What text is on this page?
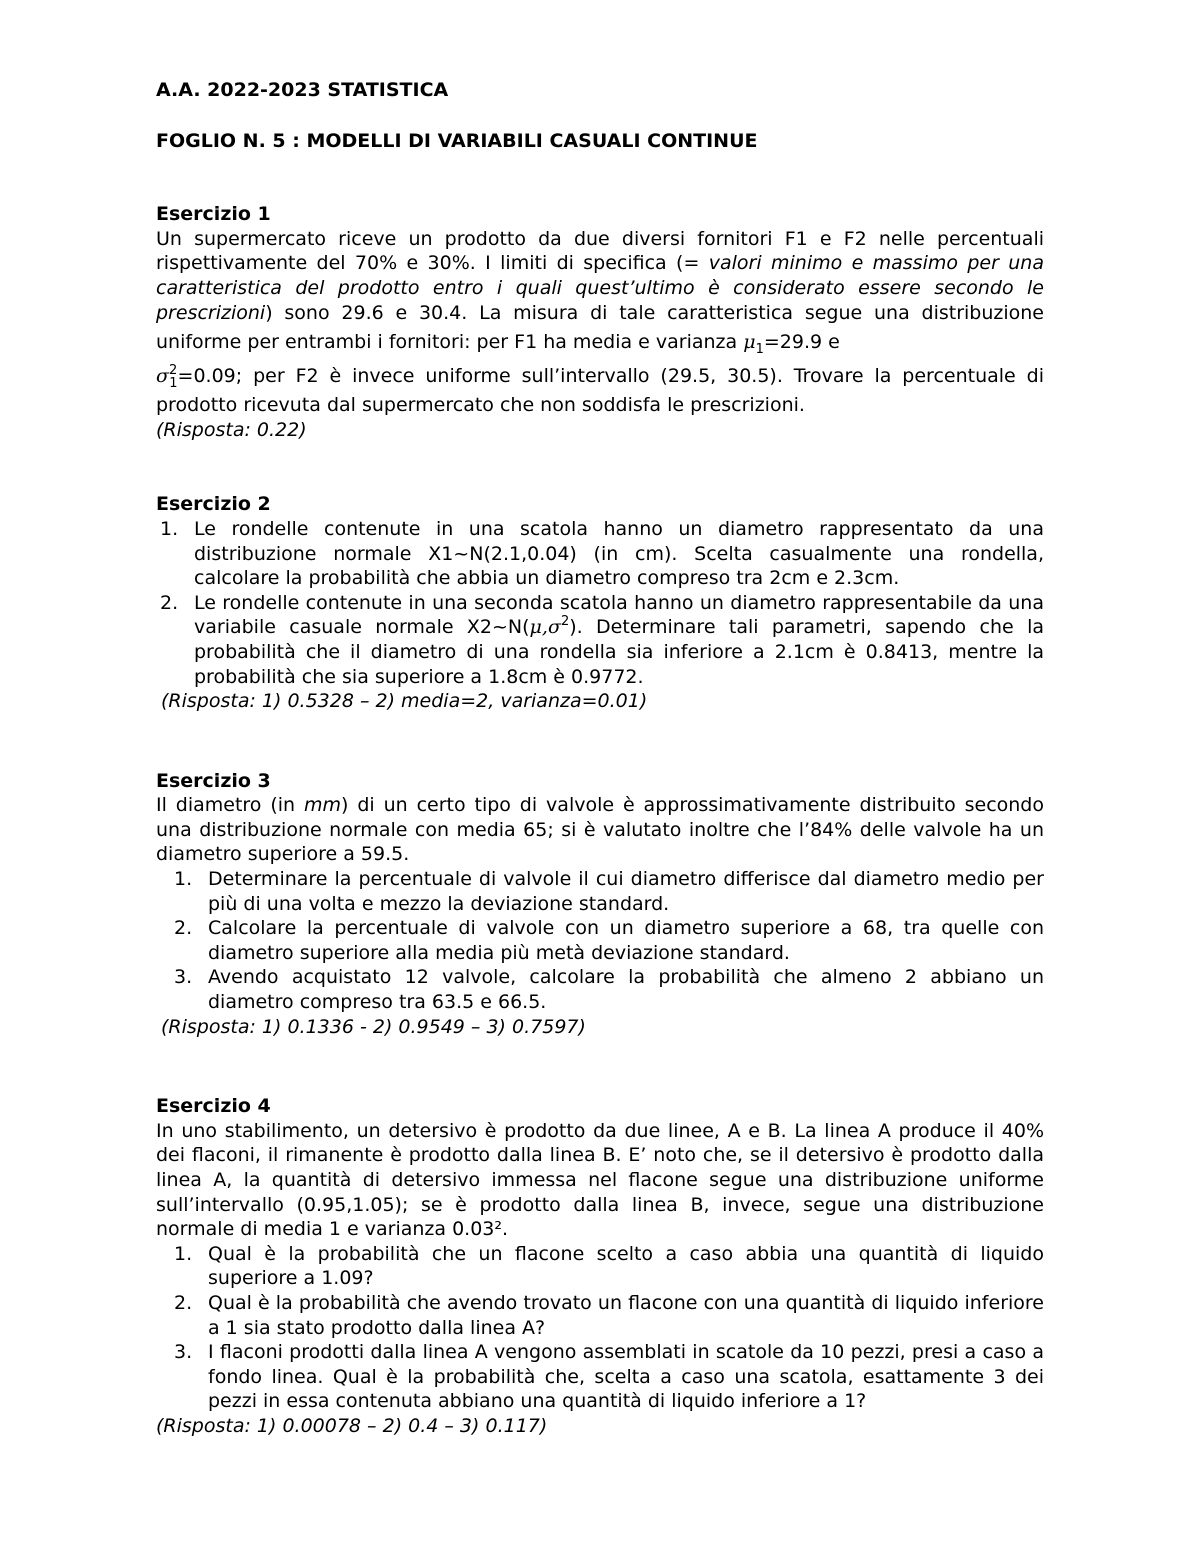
A.A. 2022-2023 STATISTICA

FOGLIO N. 5 : MODELLI DI VARIABILI CASUALI CONTINUE

Esercizio 1

Un supermercato riceve un prodotto da due diversi fornitori F1 e F2 nelle percentuali rispettivamente del 70% e 30%. I limiti di specifica (= valori minimo e massimo per una caratteristica del prodotto entro i quali quest’ultimo è considerato essere secondo le prescrizioni) sono 29.6 e 30.4. La misura di tale caratteristica segue una distribuzione uniforme per entrambi i fornitori: per F1 ha media e varianza $\mu_1=29.9$ e
$\sigma^2_1=0.09$; per F2 è invece uniforme sull’intervallo (29.5, 30.5). Trovare la percentuale di prodotto ricevuta dal supermercato che non soddisfa le prescrizioni.

(Risposta: 0.22)

Esercizio 2

1. Le rondelle contenute in una scatola hanno un diametro rappresentato da una distribuzione normale X1~N(2.1,0.04) (in cm). Scelta casualmente una rondella, calcolare la probabilità che abbia un diametro compreso tra 2cm e 2.3cm.
2. Le rondelle contenute in una seconda scatola hanno un diametro rappresentabile da una variabile casuale normale $X2\sim N(\mu,\sigma^2)$. Determinare tali parametri, sapendo che la probabilità che il diametro di una rondella sia inferiore a 2.1cm è 0.8413, mentre la probabilità che sia superiore a 1.8cm è 0.9772.

(Risposta: 1) 0.5328 – 2) media=2, varianza=0.01)

Esercizio 3

Il diametro (in mm) di un certo tipo di valvole è approssimativamente distribuito secondo una distribuzione normale con media 65; si è valutato inoltre che l’84% delle valvole ha un diametro superiore a 59.5.

1. Determinare la percentuale di valvole il cui diametro differisce dal diametro medio per più di una volta e mezzo la deviazione standard.
2. Calcolare la percentuale di valvole con un diametro superiore a 68, tra quelle con diametro superiore alla media più metà deviazione standard.
3. Avendo acquistato 12 valvole, calcolare la probabilità che almeno 2 abbiano un diametro compreso tra 63.5 e 66.5.

(Risposta: 1) 0.1336 - 2) 0.9549 – 3) 0.7597)

Esercizio 4

In uno stabilimento, un detersivo è prodotto da due linee, A e B. La linea A produce il 40% dei flaconi, il rimanente è prodotto dalla linea B. E’ noto che, se il detersivo è prodotto dalla linea A, la quantità di detersivo immessa nel flacone segue una distribuzione uniforme sull’intervallo (0.95,1.05); se è prodotto dalla linea B, invece, segue una distribuzione normale di media 1 e varianza 0.03².

1. Qual è la probabilità che un flacone scelto a caso abbia una quantità di liquido superiore a 1.09?
2. Qual è la probabilità che avendo trovato un flacone con una quantità di liquido inferiore a 1 sia stato prodotto dalla linea A?
3. I flaconi prodotti dalla linea A vengono assemblati in scatole da 10 pezzi, presi a caso a fondo linea. Qual è la probabilità che, scelta a caso una scatola, esattamente 3 dei pezzi in essa contenuta abbiano una quantità di liquido inferiore a 1?

(Risposta: 1) 0.00078 – 2) 0.4 – 3) 0.117)
